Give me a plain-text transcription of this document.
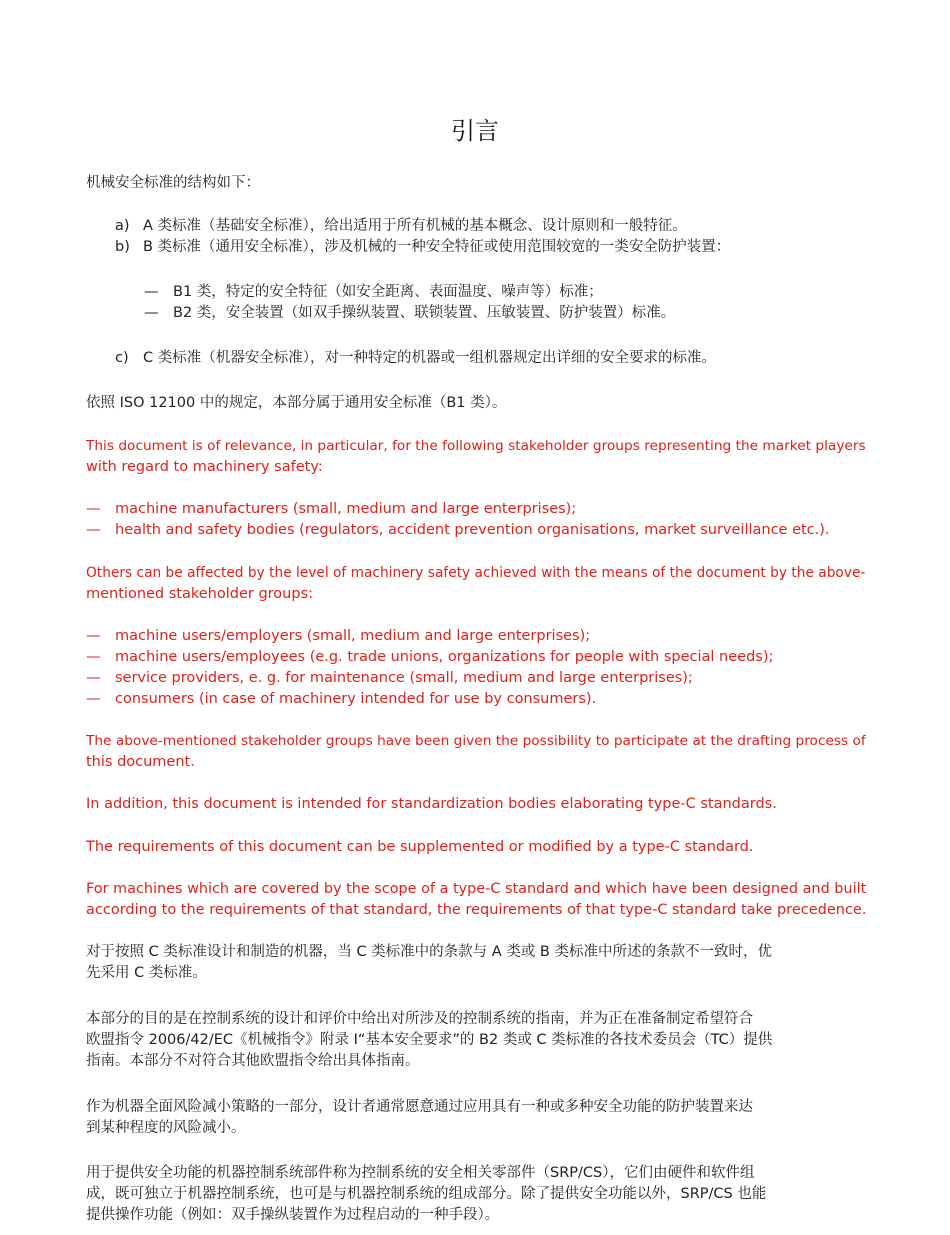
引言
机械安全标准的结构如下：
a) A 类标准（基础安全标准），给出适用于所有机械的基本概念、设计原则和一般特征。
b) B 类标准（通用安全标准），涉及机械的一种安全特征或使用范围较宽的一类安全防护装置：
— B1 类，特定的安全特征（如安全距离、表面温度、噪声等）标准；
— B2 类，安全装置（如双手操纵装置、联锁装置、压敏装置、防护装置）标准。
c) C 类标准（机器安全标准），对一种特定的机器或一组机器规定出详细的安全要求的标准。
依照 ISO 12100 中的规定，本部分属于通用安全标准（B1 类）。
This document is of relevance, in particular, for the following stakeholder groups representing the market players
with regard to machinery safety:
— machine manufacturers (small, medium and large enterprises);
— health and safety bodies (regulators, accident prevention organisations, market surveillance etc.).
Others can be affected by the level of machinery safety achieved with the means of the document by the above-
mentioned stakeholder groups:
— machine users/employers (small, medium and large enterprises);
— machine users/employees (e.g. trade unions, organizations for people with special needs);
— service providers, e. g. for maintenance (small, medium and large enterprises);
— consumers (in case of machinery intended for use by consumers).
The above-mentioned stakeholder groups have been given the possibility to participate at the drafting process of
this document.
In addition, this document is intended for standardization bodies elaborating type-C standards.
The requirements of this document can be supplemented or modified by a type-C standard.
For machines which are covered by the scope of a type-C standard and which have been designed and built
according to the requirements of that standard, the requirements of that type-C standard take precedence.
对于按照 C 类标准设计和制造的机器，当 C 类标准中的条款与 A 类或 B 类标准中所述的条款不一致时，优
先采用 C 类标准。
本部分的目的是在控制系统的设计和评价中给出对所涉及的控制系统的指南，并为正在准备制定希望符合
欧盟指令 2006/42/EC《机械指令》附录 I“基本安全要求”的 B2 类或 C 类标准的各技术委员会（TC）提供
指南。本部分不对符合其他欧盟指令给出具体指南。
作为机器全面风险减小策略的一部分，设计者通常愿意通过应用具有一种或多种安全功能的防护装置来达
到某种程度的风险减小。
用于提供安全功能的机器控制系统部件称为控制系统的安全相关零部件（SRP/CS），它们由硬件和软件组
成，既可独立于机器控制系统，也可是与机器控制系统的组成部分。除了提供安全功能以外，SRP/CS 也能
提供操作功能（例如：双手操纵装置作为过程启动的一种手段）。
